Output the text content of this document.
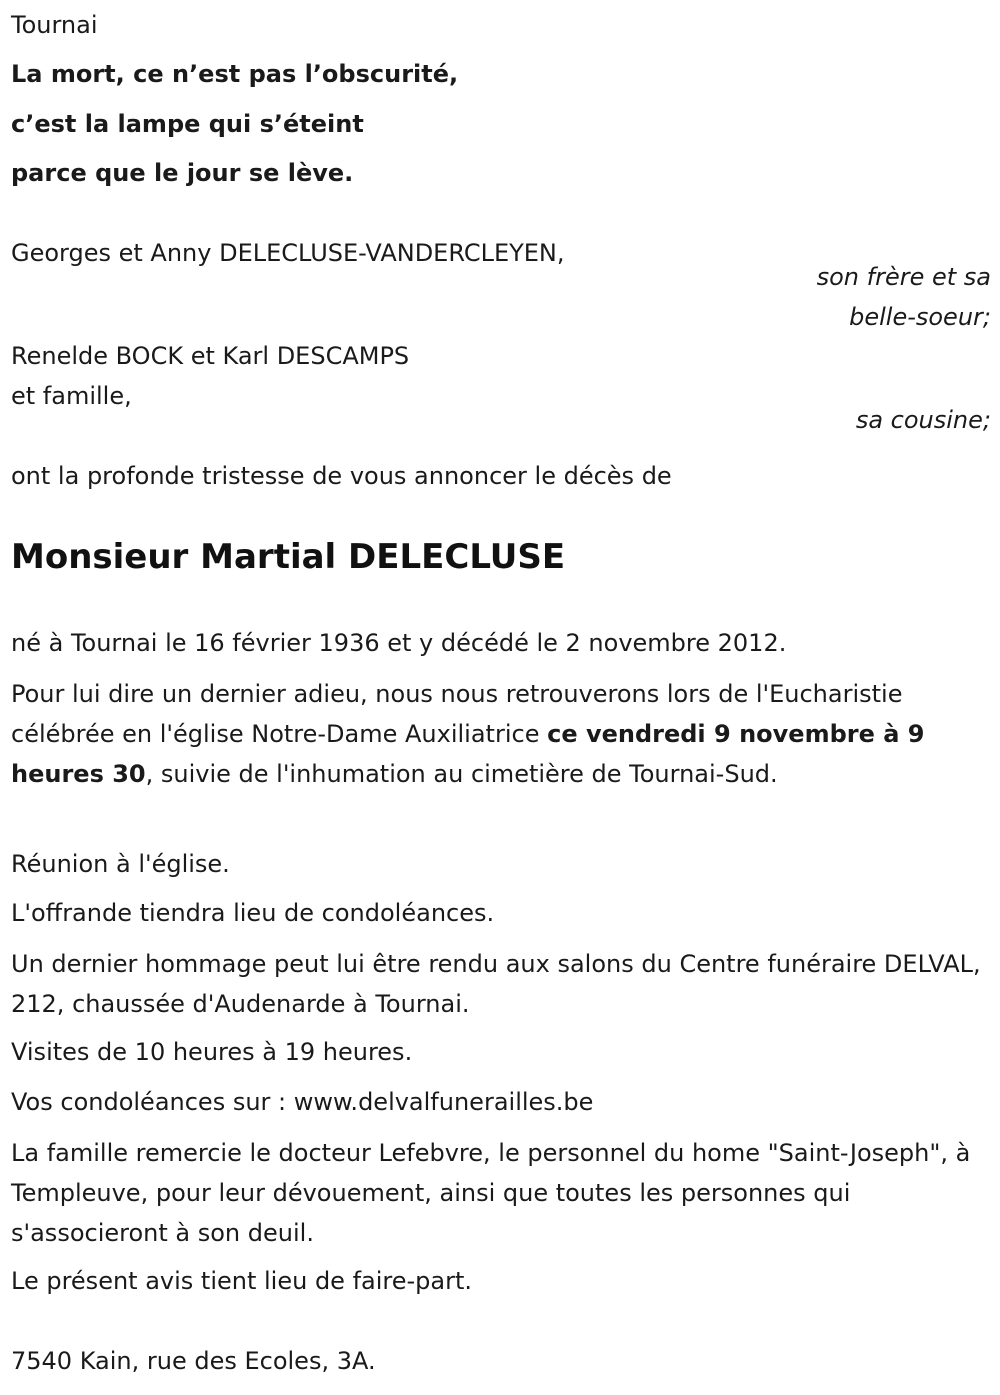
Tournai
La mort, ce n’est pas l’obscurité,
c’est la lampe qui s’éteint
parce que le jour se lève.
Georges et Anny DELECLUSE-VANDERCLEYEN,
son frère et sa
belle-soeur;
Renelde BOCK et Karl DESCAMPS
et famille,
sa cousine;
ont la profonde tristesse de vous annoncer le décès de
Monsieur Martial DELECLUSE
né à Tournai le 16 février 1936 et y décédé le 2 novembre 2012.
Pour lui dire un dernier adieu, nous nous retrouverons lors de l'Eucharistie célébrée en l'église Notre-Dame Auxiliatrice ce vendredi 9 novembre à 9 heures 30, suivie de l'inhumation au cimetière de Tournai-Sud.
Réunion à l'église.
L'offrande tiendra lieu de condoléances.
Un dernier hommage peut lui être rendu aux salons du Centre funéraire DELVAL, 212, chaussée d'Audenarde à Tournai.
Visites de 10 heures à 19 heures.
Vos condoléances sur : www.delvalfunerailles.be
La famille remercie le docteur Lefebvre, le personnel du home "Saint-Joseph", à Templeuve, pour leur dévouement, ainsi que toutes les personnes qui s'associeront à son deuil.
Le présent avis tient lieu de faire-part.
7540 Kain, rue des Ecoles, 3A.
